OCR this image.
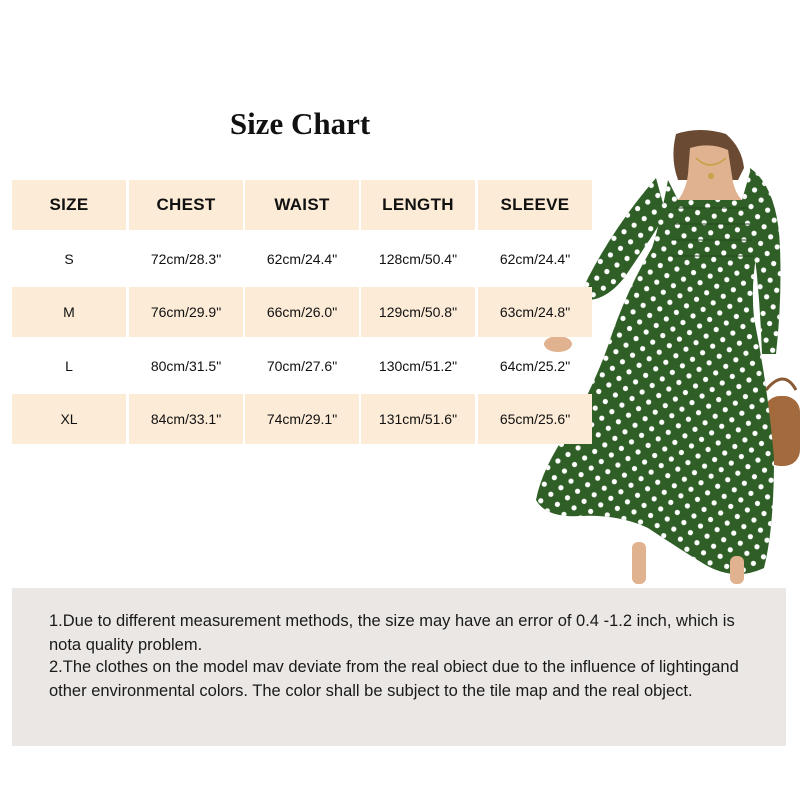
Size Chart
SIZE	CHEST	WAIST	LENGTH	SLEEVE
S	72cm/28.3"	62cm/24.4"	128cm/50.4"	62cm/24.4"
M	76cm/29.9"	66cm/26.0"	129cm/50.8"	63cm/24.8"
L	80cm/31.5"	70cm/27.6"	130cm/51.2"	64cm/25.2"
XL	84cm/33.1"	74cm/29.1"	131cm/51.6"	65cm/25.6"
1.Due to different measurement methods, the size may have an error of 0.4 -1.2 inch, which is nota quality problem.
2.The clothes on the model mav deviate from the real obiect due to the influence of lightingand other environmental colors. The color shall be subject to the tile map and the real object.
